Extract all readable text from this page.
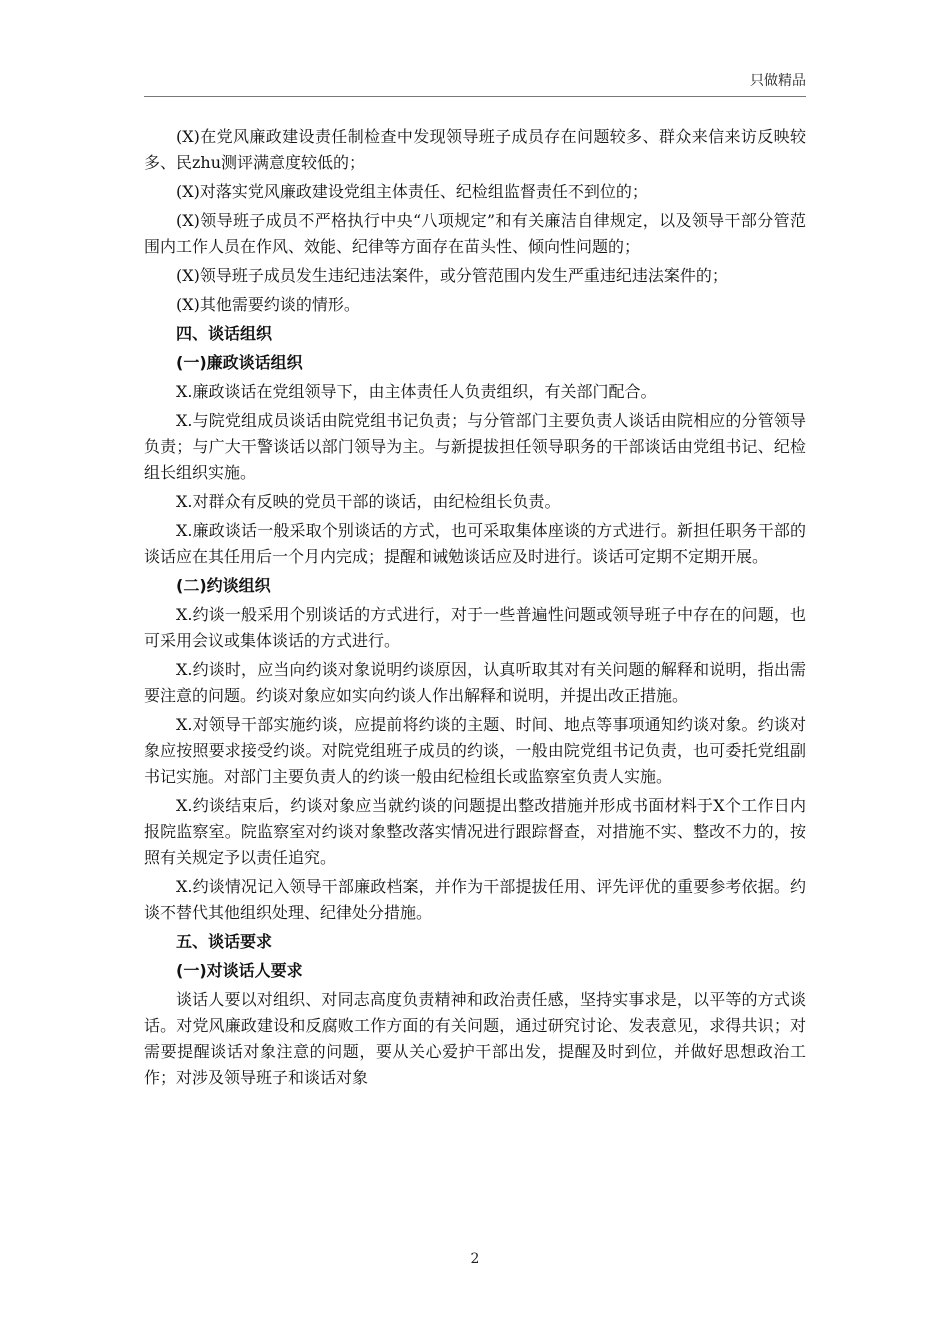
只做精品

(X)在党风廉政建设责任制检查中发现领导班子成员存在问题较多、群众来信来访反映较多、民zhu测评满意度较低的；

(X)对落实党风廉政建设党组主体责任、纪检组监督责任不到位的；

(X)领导班子成员不严格执行中央“八项规定”和有关廉洁自律规定，以及领导干部分管范围内工作人员在作风、效能、纪律等方面存在苗头性、倾向性问题的；

(X)领导班子成员发生违纪违法案件，或分管范围内发生严重违纪违法案件的；

(X)其他需要约谈的情形。

四、谈话组织

(一)廉政谈话组织

X.廉政谈话在党组领导下，由主体责任人负责组织，有关部门配合。

X.与院党组成员谈话由院党组书记负责；与分管部门主要负责人谈话由院相应的分管领导负责；与广大干警谈话以部门领导为主。与新提拔担任领导职务的干部谈话由党组书记、纪检组长组织实施。

X.对群众有反映的党员干部的谈话，由纪检组长负责。

X.廉政谈话一般采取个别谈话的方式，也可采取集体座谈的方式进行。新担任职务干部的谈话应在其任用后一个月内完成；提醒和诫勉谈话应及时进行。谈话可定期不定期开展。

(二)约谈组织

X.约谈一般采用个别谈话的方式进行，对于一些普遍性问题或领导班子中存在的问题，也可采用会议或集体谈话的方式进行。

X.约谈时，应当向约谈对象说明约谈原因，认真听取其对有关问题的解释和说明，指出需要注意的问题。约谈对象应如实向约谈人作出解释和说明，并提出改正措施。

X.对领导干部实施约谈，应提前将约谈的主题、时间、地点等事项通知约谈对象。约谈对象应按照要求接受约谈。对院党组班子成员的约谈，一般由院党组书记负责，也可委托党组副书记实施。对部门主要负责人的约谈一般由纪检组长或监察室负责人实施。

X.约谈结束后，约谈对象应当就约谈的问题提出整改措施并形成书面材料于X个工作日内报院监察室。院监察室对约谈对象整改落实情况进行跟踪督查，对措施不实、整改不力的，按照有关规定予以责任追究。

X.约谈情况记入领导干部廉政档案，并作为干部提拔任用、评先评优的重要参考依据。约谈不替代其他组织处理、纪律处分措施。

五、谈话要求

(一)对谈话人要求

谈话人要以对组织、对同志高度负责精神和政治责任感，坚持实事求是，以平等的方式谈话。对党风廉政建设和反腐败工作方面的有关问题，通过研究讨论、发表意见，求得共识；对需要提醒谈话对象注意的问题，要从关心爱护干部出发，提醒及时到位，并做好思想政治工作；对涉及领导班子和谈话对象

2
